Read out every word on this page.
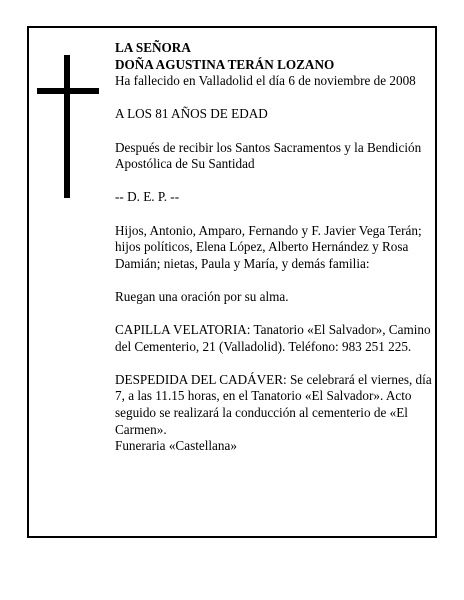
LA SEÑORA

DOÑA AGUSTINA TERÁN LOZANO

Ha fallecido en Valladolid el día 6 de noviembre de 2008

A LOS 81 AÑOS DE EDAD

Después de recibir los Santos Sacramentos y la Bendición Apostólica de Su Santidad

-- D. E. P. --

Hijos, Antonio, Amparo, Fernando y F. Javier Vega Terán; hijos políticos, Elena López, Alberto Hernández y Rosa Damián; nietas, Paula y María, y demás familia:

Ruegan una oración por su alma.

CAPILLA VELATORIA: Tanatorio «El Salvador», Camino del Cementerio, 21 (Valladolid). Teléfono: 983 251 225.

DESPEDIDA DEL CADÁVER: Se celebrará el viernes, día 7, a las 11.15 horas, en el Tanatorio «El Salvador». Acto seguido se realizará la conducción al cementerio de «El Carmen».

Funeraria «Castellana»
